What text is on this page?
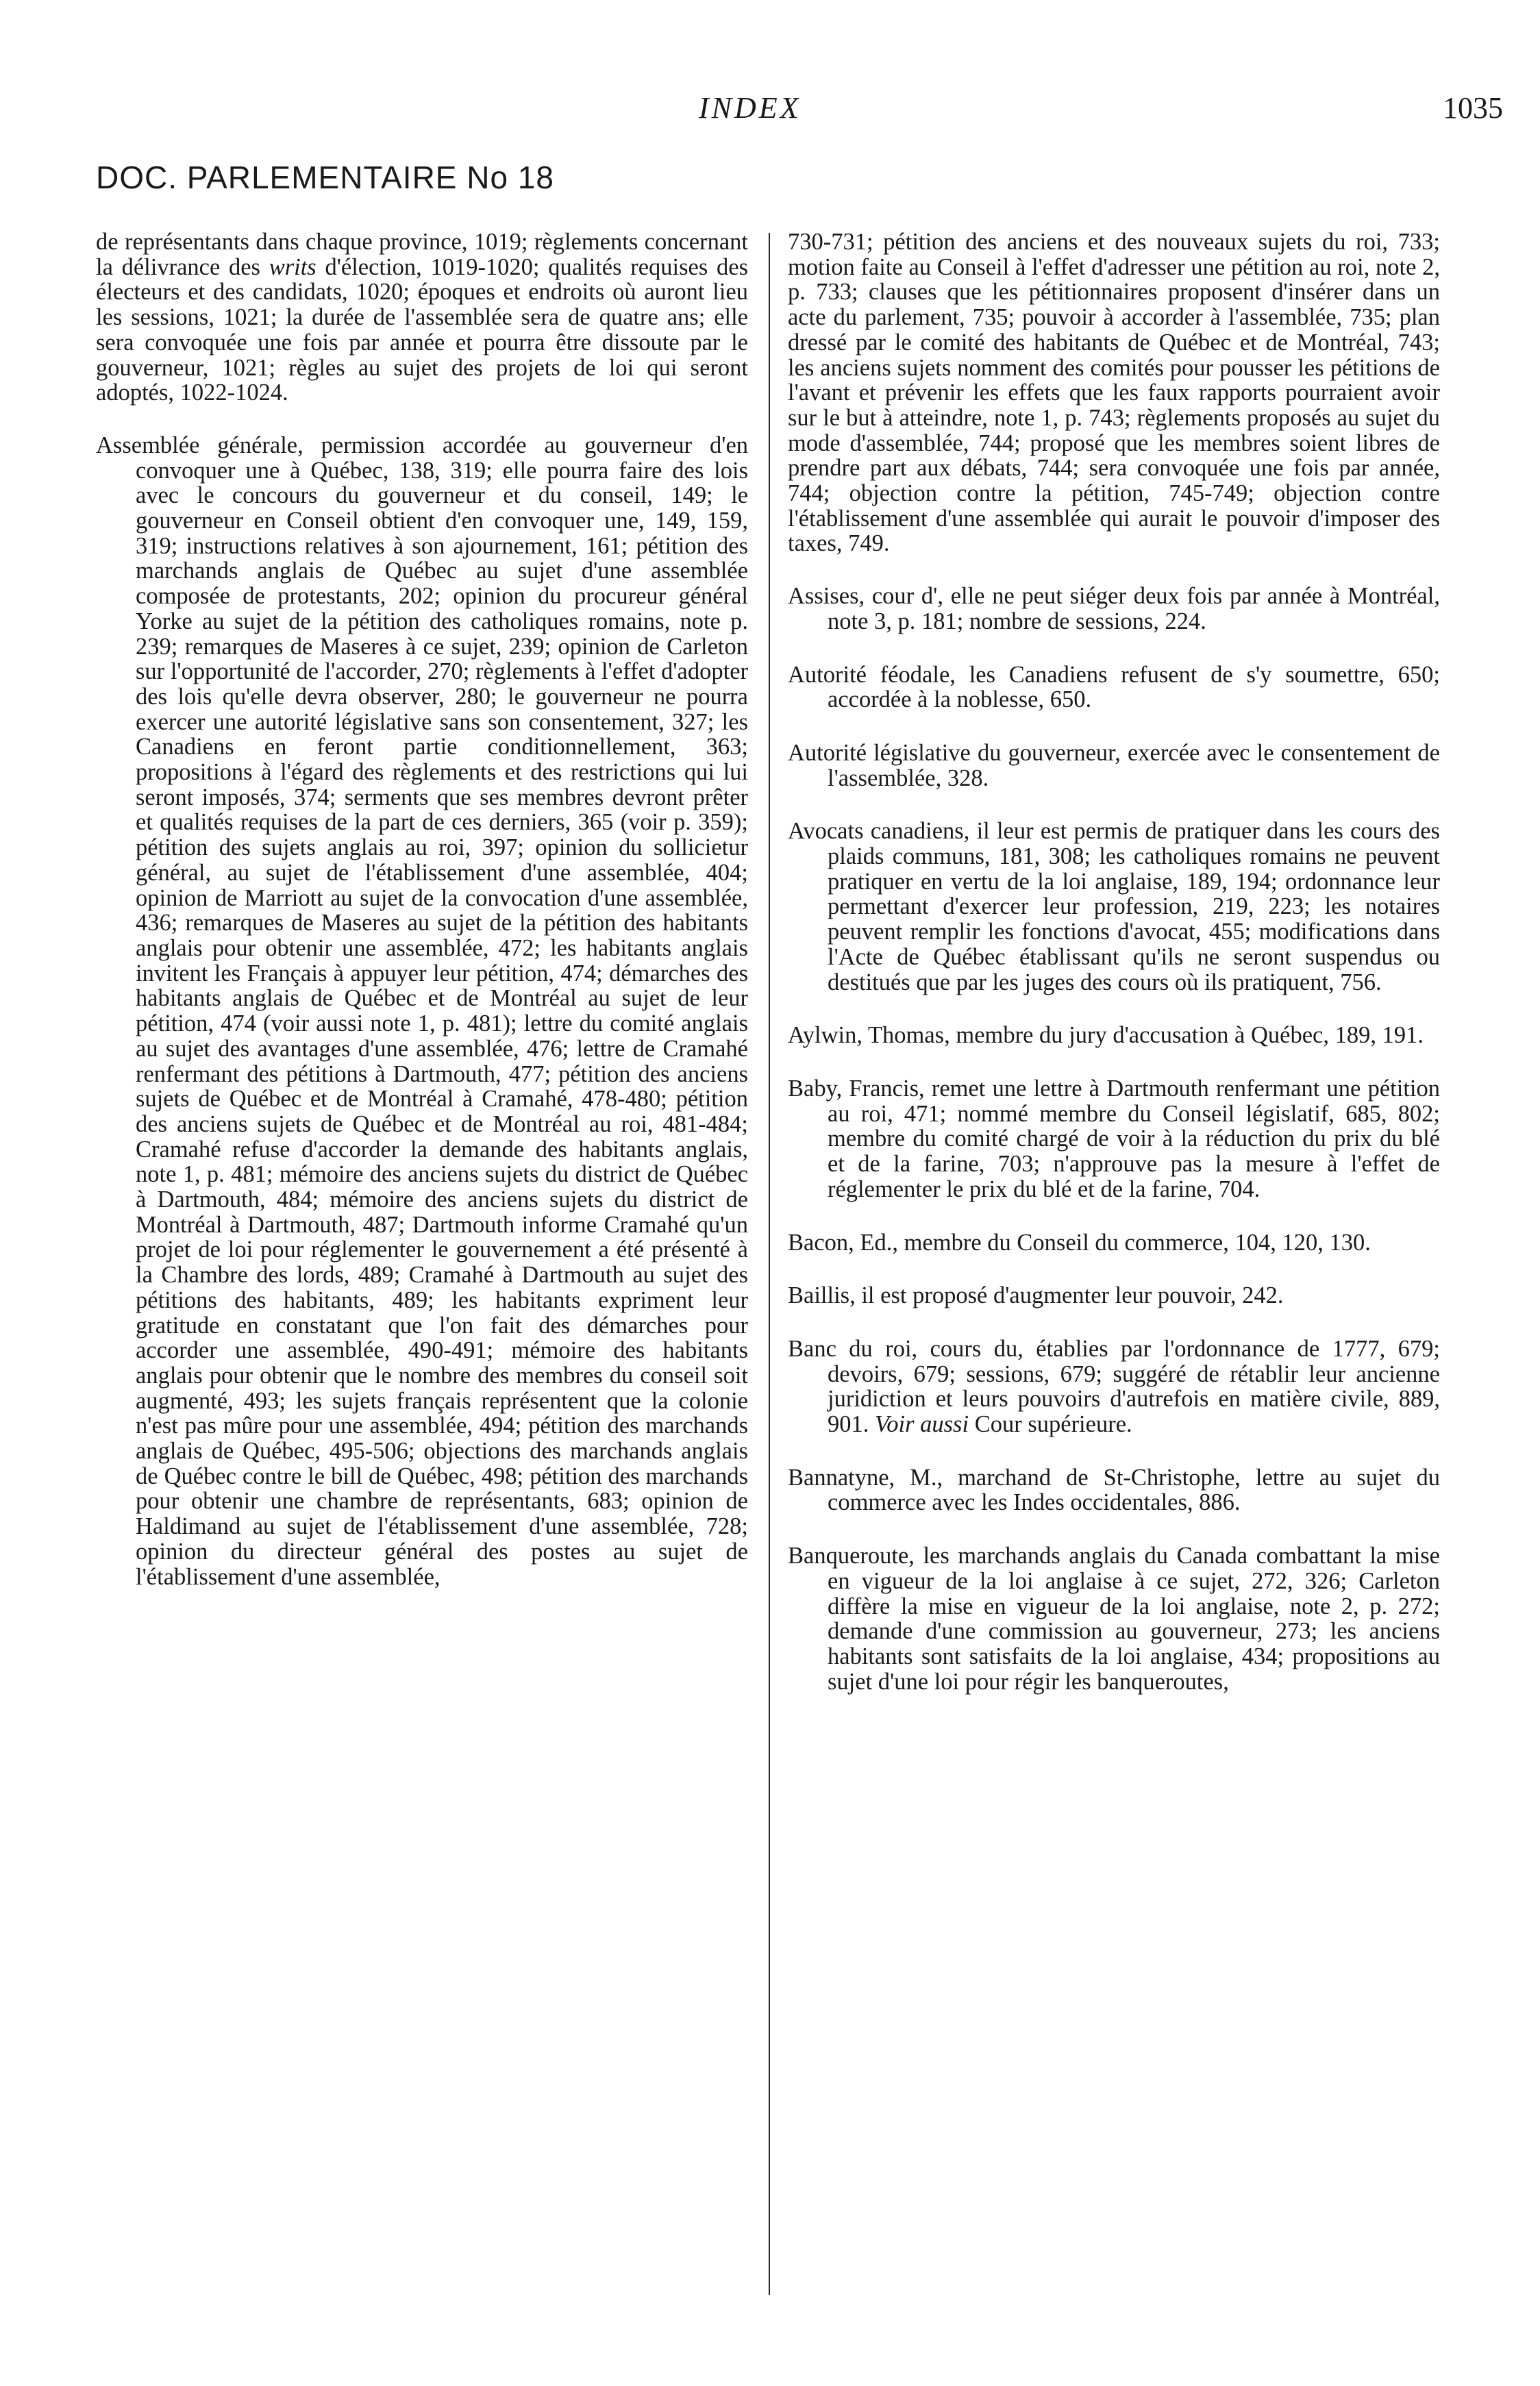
INDEX	1035
DOC. PARLEMENTAIRE No 18

de représentants dans chaque province, 1019; règlements concernant la délivrance des writs d'élection, 1019-1020; qualités requises des électeurs et des candidats, 1020; époques et endroits où auront lieu les sessions, 1021; la durée de l'assemblée sera de quatre ans; elle sera convoquée une fois par année et pourra être dissoute par le gouverneur, 1021; règles au sujet des projets de loi qui seront adoptés, 1022-1024.

Assemblée générale, permission accordée au gouverneur d'en convoquer une à Québec, 138, 319; elle pourra faire des lois avec le concours du gouverneur et du conseil, 149; le gouverneur en Conseil obtient d'en convoquer une, 149, 159, 319; instructions relatives à son ajournement, 161; pétition des marchands anglais de Québec au sujet d'une assemblée composée de protestants, 202; opinion du procureur général Yorke au sujet de la pétition des catholiques romains, note p. 239; remarques de Maseres à ce sujet, 239; opinion de Carleton sur l'opportunité de l'accorder, 270; règlements à l'effet d'adopter des lois qu'elle devra observer, 280; le gouverneur ne pourra exercer une autorité législative sans son consentement, 327; les Canadiens en feront partie conditionnellement, 363; propositions à l'égard des règlements et des restrictions qui lui seront imposés, 374; serments que ses membres devront prêter et qualités requises de la part de ces derniers, 365 (voir p. 359); pétition des sujets anglais au roi, 397; opinion du sollicietur général, au sujet de l'établissement d'une assemblée, 404; opinion de Marriott au sujet de la convocation d'une assemblée, 436; remarques de Maseres au sujet de la pétition des habitants anglais pour obtenir une assemblée, 472; les habitants anglais invitent les Français à appuyer leur pétition, 474; démarches des habitants anglais de Québec et de Montréal au sujet de leur pétition, 474 (voir aussi note 1, p. 481); lettre du comité anglais au sujet des avantages d'une assemblée, 476; lettre de Cramahé renfermant des pétitions à Dartmouth, 477; pétition des anciens sujets de Québec et de Montréal à Cramahé, 478-480; pétition des anciens sujets de Québec et de Montréal au roi, 481-484; Cramahé refuse d'accorder la demande des habitants anglais, note 1, p. 481; mémoire des anciens sujets du district de Québec à Dartmouth, 484; mémoire des anciens sujets du district de Montréal à Dartmouth, 487; Dartmouth informe Cramahé qu'un projet de loi pour réglementer le gouvernement a été présenté à la Chambre des lords, 489; Cramahé à Dartmouth au sujet des pétitions des habitants, 489; les habitants expriment leur gratitude en constatant que l'on fait des démarches pour accorder une assemblée, 490-491; mémoire des habitants anglais pour obtenir que le nombre des membres du conseil soit augmenté, 493; les sujets français représentent que la colonie n'est pas mûre pour une assemblée, 494; pétition des marchands anglais de Québec, 495-506; objections des marchands anglais de Québec contre le bill de Québec, 498; pétition des marchands pour obtenir une chambre de représentants, 683; opinion de Haldimand au sujet de l'établissement d'une assemblée, 728; opinion du directeur général des postes au sujet de l'établissement d'une assemblée,

730-731; pétition des anciens et des nouveaux sujets du roi, 733; motion faite au Conseil à l'effet d'adresser une pétition au roi, note 2, p. 733; clauses que les pétitionnaires proposent d'insérer dans un acte du parlement, 735; pouvoir à accorder à l'assemblée, 735; plan dressé par le comité des habitants de Québec et de Montréal, 743; les anciens sujets nomment des comités pour pousser les pétitions de l'avant et prévenir les effets que les faux rapports pourraient avoir sur le but à atteindre, note 1, p. 743; règlements proposés au sujet du mode d'assemblée, 744; proposé que les membres soient libres de prendre part aux débats, 744; sera convoquée une fois par année, 744; objection contre la pétition, 745-749; objection contre l'établissement d'une assemblée qui aurait le pouvoir d'imposer des taxes, 749.

Assises, cour d', elle ne peut siéger deux fois par année à Montréal, note 3, p. 181; nombre de sessions, 224.

Autorité féodale, les Canadiens refusent de s'y soumettre, 650; accordée à la noblesse, 650.

Autorité législative du gouverneur, exercée avec le consentement de l'assemblée, 328.

Avocats canadiens, il leur est permis de pratiquer dans les cours des plaids communs, 181, 308; les catholiques romains ne peuvent pratiquer en vertu de la loi anglaise, 189, 194; ordonnance leur permettant d'exercer leur profession, 219, 223; les notaires peuvent remplir les fonctions d'avocat, 455; modifications dans l'Acte de Québec établissant qu'ils ne seront suspendus ou destitués que par les juges des cours où ils pratiquent, 756.

Aylwin, Thomas, membre du jury d'accusation à Québec, 189, 191.

Baby, Francis, remet une lettre à Dartmouth renfermant une pétition au roi, 471; nommé membre du Conseil législatif, 685, 802; membre du comité chargé de voir à la réduction du prix du blé et de la farine, 703; n'approuve pas la mesure à l'effet de réglementer le prix du blé et de la farine, 704.

Bacon, Ed., membre du Conseil du commerce, 104, 120, 130.

Baillis, il est proposé d'augmenter leur pouvoir, 242.

Banc du roi, cours du, établies par l'ordonnance de 1777, 679; devoirs, 679; sessions, 679; suggéré de rétablir leur ancienne juridiction et leurs pouvoirs d'autrefois en matière civile, 889, 901. Voir aussi Cour supérieure.

Bannatyne, M., marchand de St-Christophe, lettre au sujet du commerce avec les Indes occidentales, 886.

Banqueroute, les marchands anglais du Canada combattant la mise en vigueur de la loi anglaise à ce sujet, 272, 326; Carleton diffère la mise en vigueur de la loi anglaise, note 2, p. 272; demande d'une commission au gouverneur, 273; les anciens habitants sont satisfaits de la loi anglaise, 434; propositions au sujet d'une loi pour régir les banqueroutes,
